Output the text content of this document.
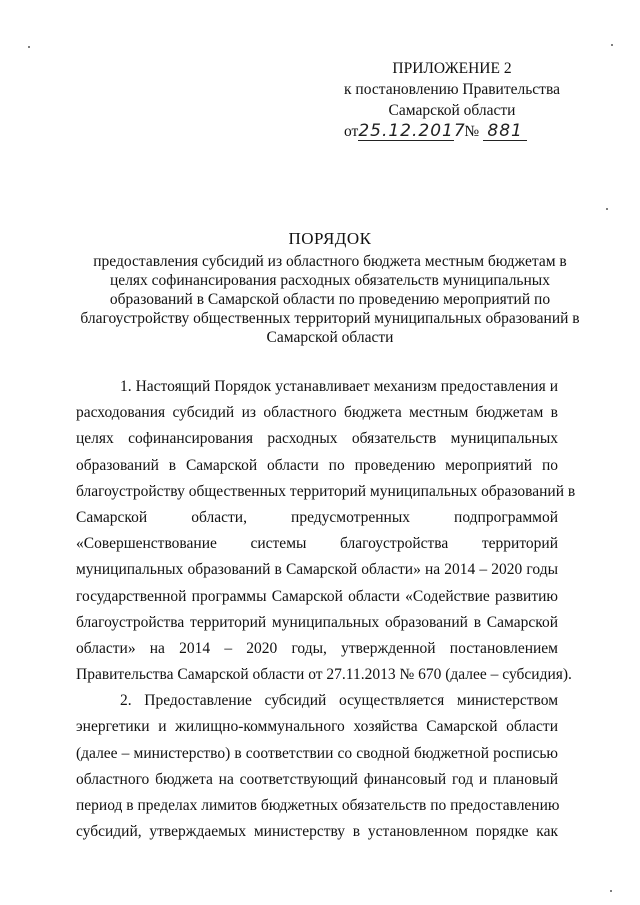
ПРИЛОЖЕНИЕ 2
к постановлению Правительства
Самарской области
от25.12.2017№ 881
ПОРЯДОК
предоставления субсидий из областного бюджета местным бюджетам в
целях софинансирования расходных обязательств муниципальных
образований в Самарской области по проведению мероприятий по
благоустройству общественных территорий муниципальных образований в
Самарской области
1. Настоящий Порядок устанавливает механизм предоставления и
расходования субсидий из областного бюджета местным бюджетам в
целях софинансирования расходных обязательств муниципальных
образований в Самарской области по проведению мероприятий по
благоустройству общественных территорий муниципальных образований в
Самарской области, предусмотренных подпрограммой
«Совершенствование системы благоустройства территорий
муниципальных образований в Самарской области» на 2014 – 2020 годы
государственной программы Самарской области «Содействие развитию
благоустройства территорий муниципальных образований в Самарской
области» на 2014 – 2020 годы, утвержденной постановлением
Правительства Самарской области от 27.11.2013 № 670 (далее – субсидия).
2. Предоставление субсидий осуществляется министерством
энергетики и жилищно-коммунального хозяйства Самарской области
(далее – министерство) в соответствии со сводной бюджетной росписью
областного бюджета на соответствующий финансовый год и плановый
период в пределах лимитов бюджетных обязательств по предоставлению
субсидий, утверждаемых министерству в установленном порядке как
